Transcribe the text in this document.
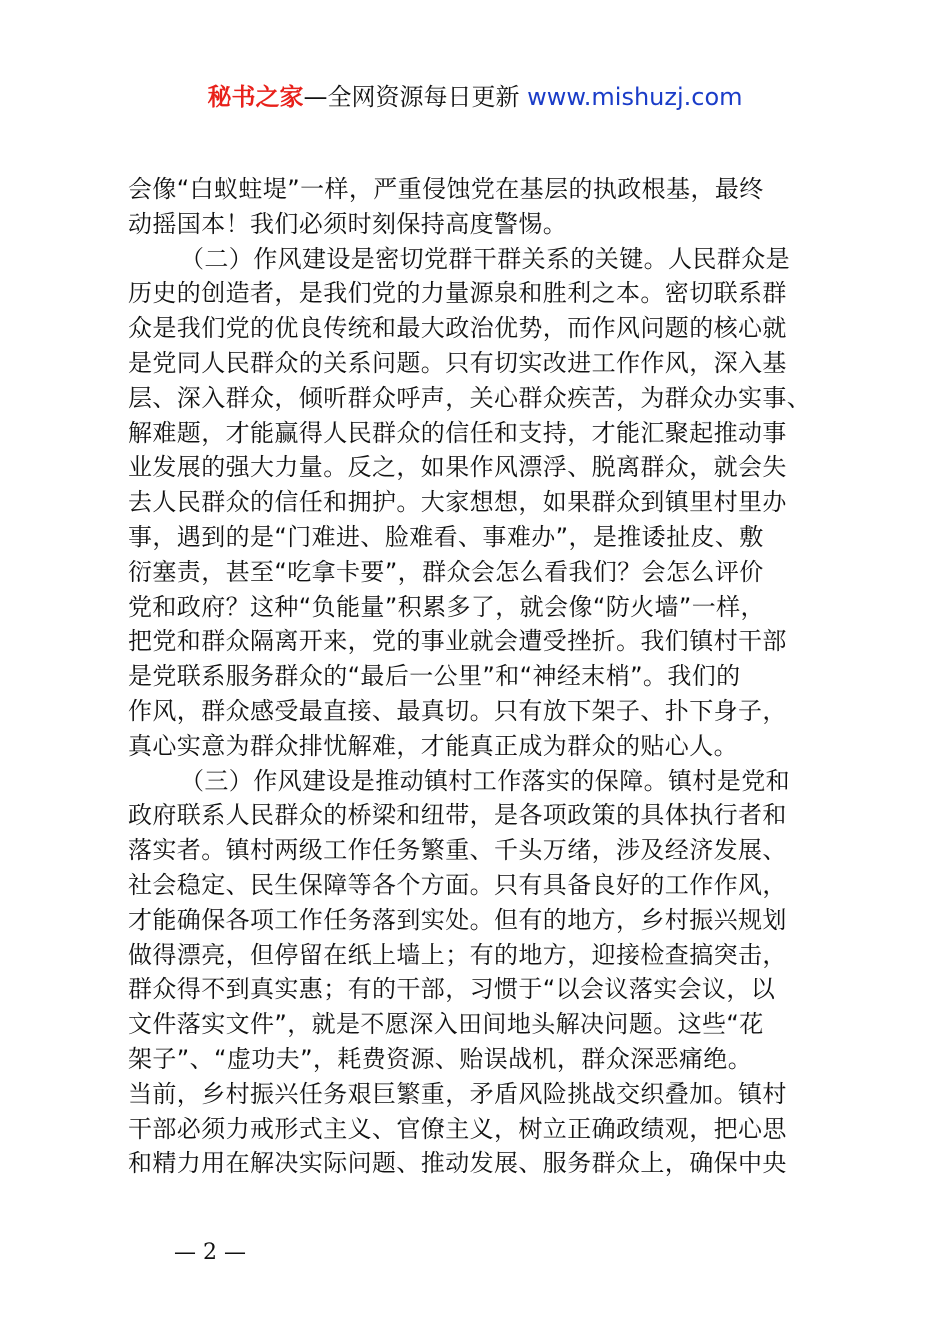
秘书之家—全网资源每日更新 www.mishuzj.com
会像“白蚁蛀堤”一样，严重侵蚀党在基层的执政根基，最终
动摇国本！我们必须时刻保持高度警惕。
（二）作风建设是密切党群干群关系的关键。人民群众是
历史的创造者，是我们党的力量源泉和胜利之本。密切联系群
众是我们党的优良传统和最大政治优势，而作风问题的核心就
是党同人民群众的关系问题。只有切实改进工作作风，深入基
层、深入群众，倾听群众呼声，关心群众疾苦，为群众办实事、
解难题，才能赢得人民群众的信任和支持，才能汇聚起推动事
业发展的强大力量。反之，如果作风漂浮、脱离群众，就会失
去人民群众的信任和拥护。大家想想，如果群众到镇里村里办
事，遇到的是“门难进、脸难看、事难办”，是推诿扯皮、敷
衍塞责，甚至“吃拿卡要”，群众会怎么看我们？会怎么评价
党和政府？这种“负能量”积累多了，就会像“防火墙”一样，
把党和群众隔离开来，党的事业就会遭受挫折。我们镇村干部
是党联系服务群众的“最后一公里”和“神经末梢”。我们的
作风，群众感受最直接、最真切。只有放下架子、扑下身子，
真心实意为群众排忧解难，才能真正成为群众的贴心人。
（三）作风建设是推动镇村工作落实的保障。镇村是党和
政府联系人民群众的桥梁和纽带，是各项政策的具体执行者和
落实者。镇村两级工作任务繁重、千头万绪，涉及经济发展、
社会稳定、民生保障等各个方面。只有具备良好的工作作风，
才能确保各项工作任务落到实处。但有的地方，乡村振兴规划
做得漂亮，但停留在纸上墙上；有的地方，迎接检查搞突击，
群众得不到真实惠；有的干部，习惯于“以会议落实会议，以
文件落实文件”，就是不愿深入田间地头解决问题。这些“花
架子”、“虚功夫”，耗费资源、贻误战机，群众深恶痛绝。
当前，乡村振兴任务艰巨繁重，矛盾风险挑战交织叠加。镇村
干部必须力戒形式主义、官僚主义，树立正确政绩观，把心思
和精力用在解决实际问题、推动发展、服务群众上，确保中央
— 2 —
